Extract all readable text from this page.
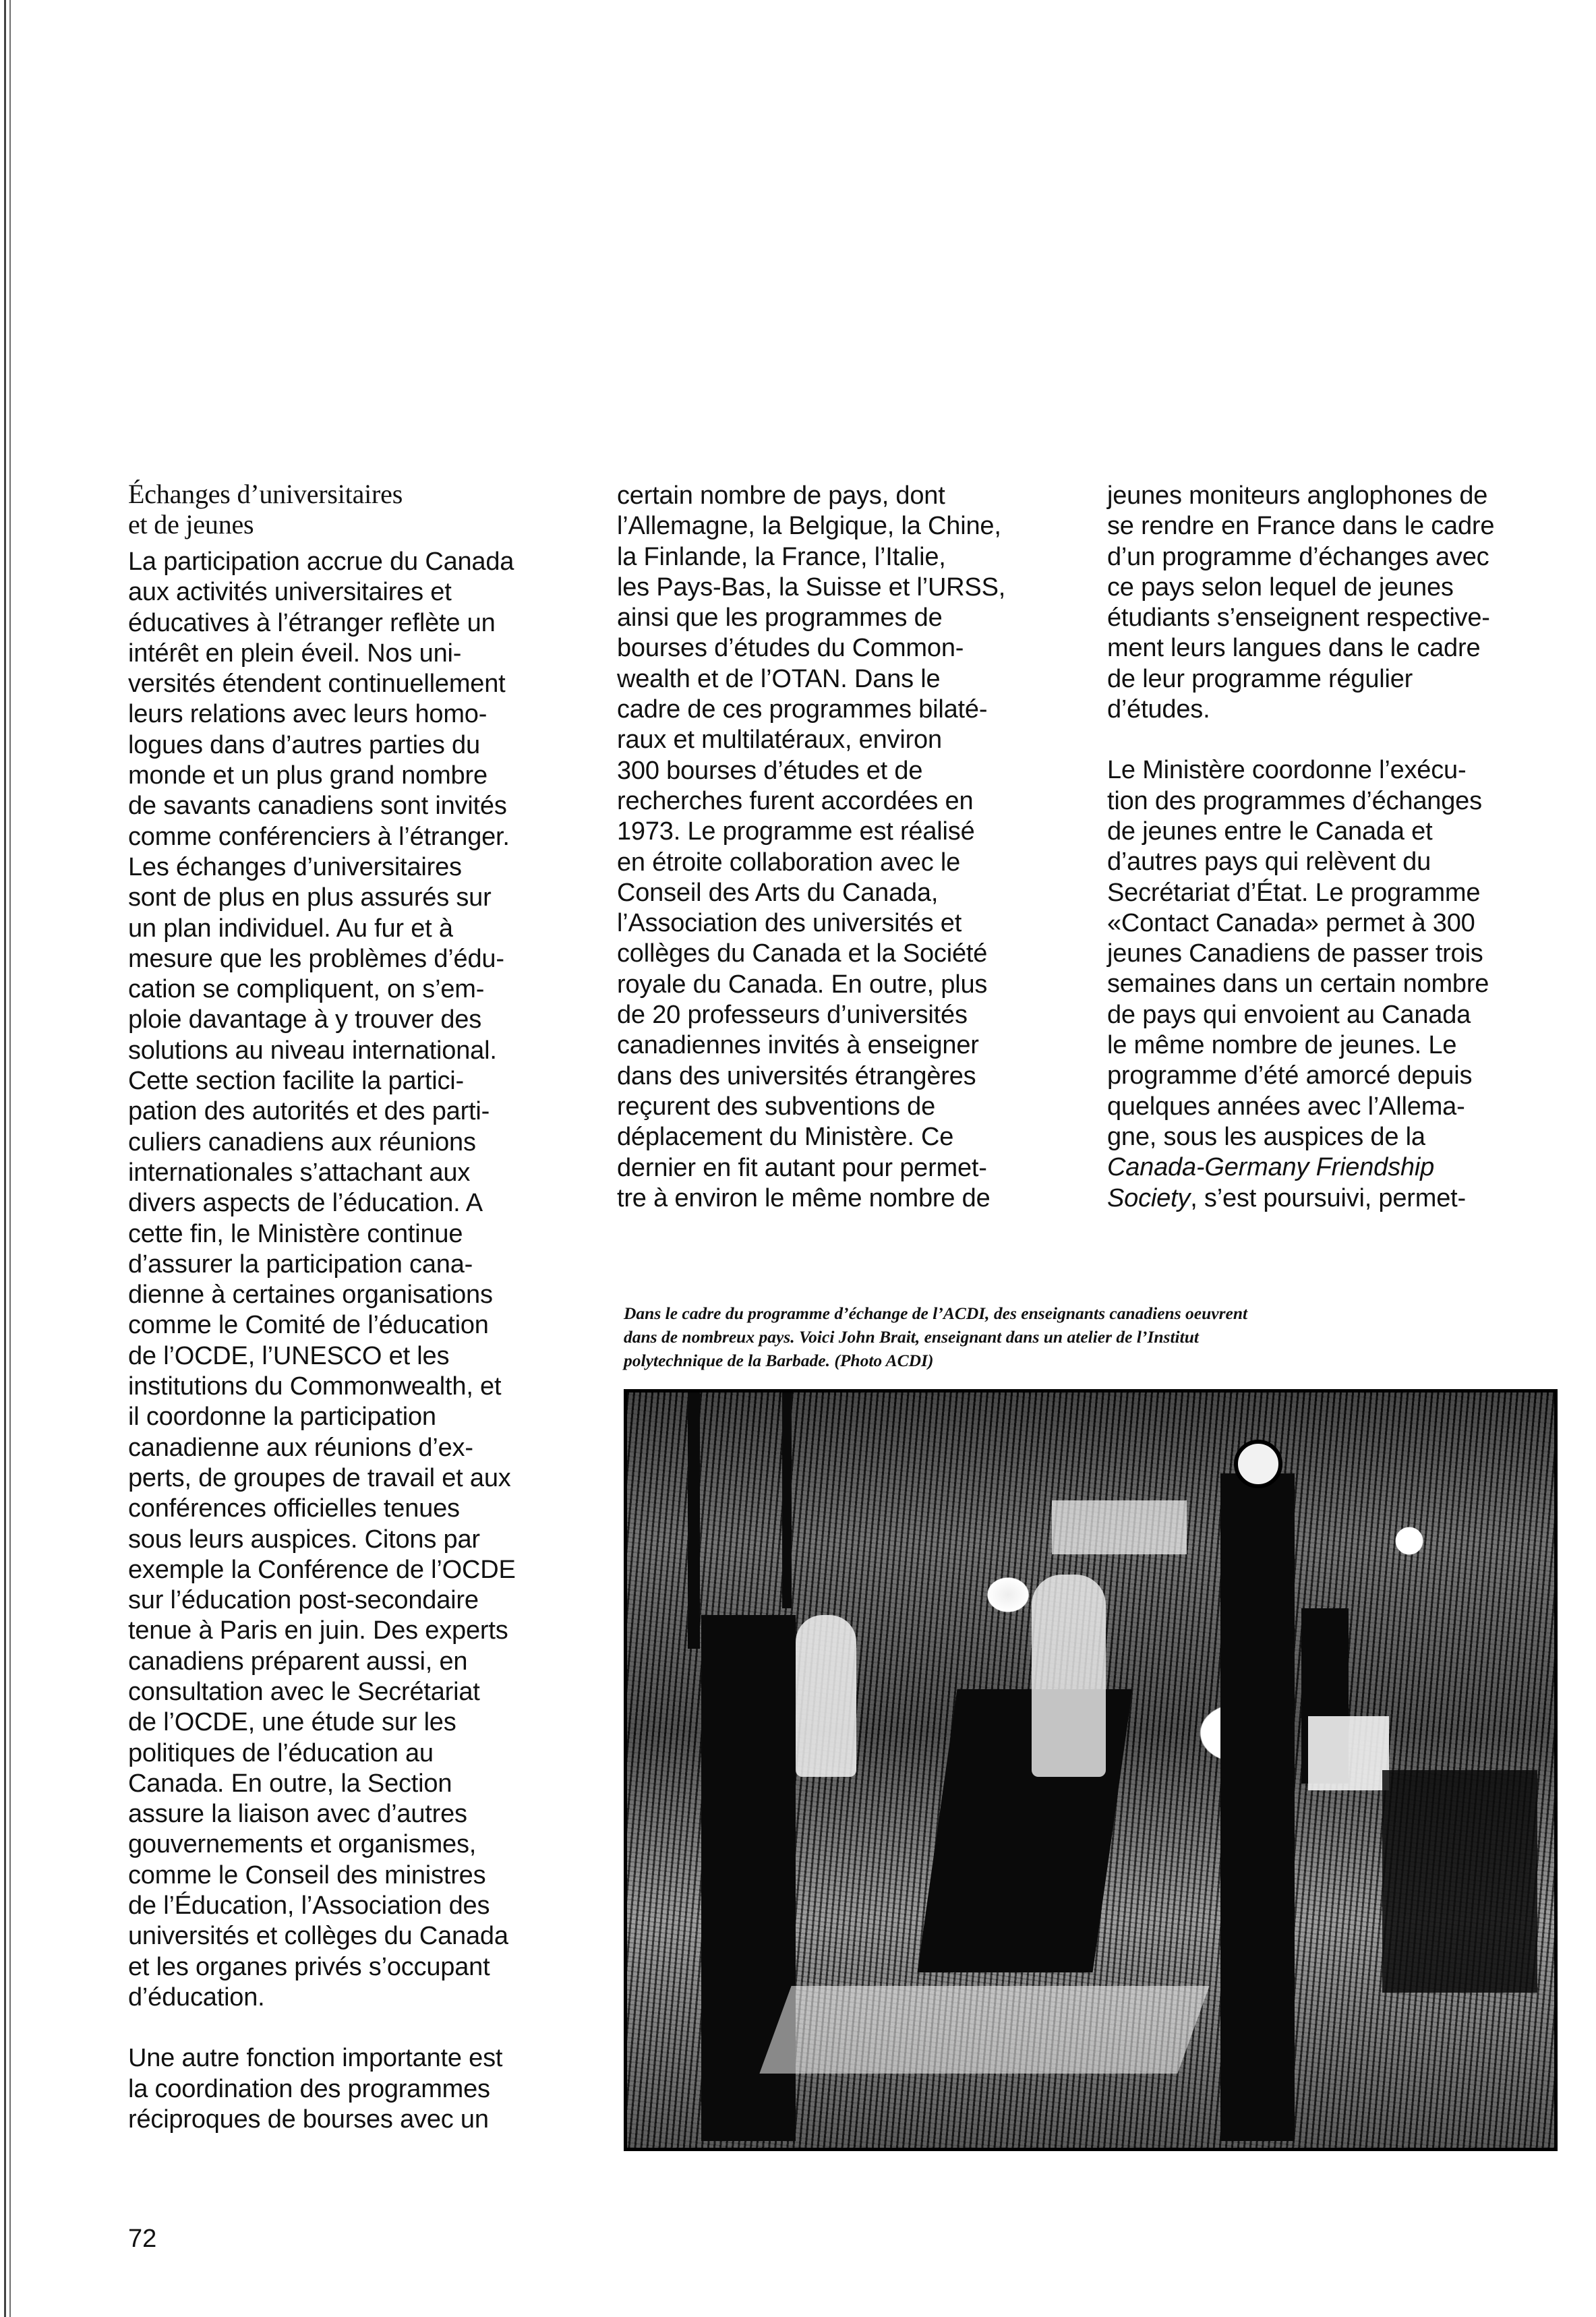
Échanges d’universitaires
et de jeunes
La participation accrue du Canada
aux activités universitaires et
éducatives à l’étranger reflète un
intérêt en plein éveil. Nos uni-
versités étendent continuellement
leurs relations avec leurs homo-
logues dans d’autres parties du
monde et un plus grand nombre
de savants canadiens sont invités
comme conférenciers à l’étranger.
Les échanges d’universitaires
sont de plus en plus assurés sur
un plan individuel. Au fur et à
mesure que les problèmes d’édu-
cation se compliquent, on s’em-
ploie davantage à y trouver des
solutions au niveau international.
Cette section facilite la partici-
pation des autorités et des parti-
culiers canadiens aux réunions
internationales s’attachant aux
divers aspects de l’éducation. A
cette fin, le Ministère continue
d’assurer la participation cana-
dienne à certaines organisations
comme le Comité de l’éducation
de l’OCDE, l’UNESCO et les
institutions du Commonwealth, et
il coordonne la participation
canadienne aux réunions d’ex-
perts, de groupes de travail et aux
conférences officielles tenues
sous leurs auspices. Citons par
exemple la Conférence de l’OCDE
sur l’éducation post-secondaire
tenue à Paris en juin. Des experts
canadiens préparent aussi, en
consultation avec le Secrétariat
de l’OCDE, une étude sur les
politiques de l’éducation au
Canada. En outre, la Section
assure la liaison avec d’autres
gouvernements et organismes,
comme le Conseil des ministres
de l’Éducation, l’Association des
universités et collèges du Canada
et les organes privés s’occupant
d’éducation.
Une autre fonction importante est
la coordination des programmes
réciproques de bourses avec un
certain nombre de pays, dont
l’Allemagne, la Belgique, la Chine,
la Finlande, la France, l’Italie,
les Pays-Bas, la Suisse et l’URSS,
ainsi que les programmes de
bourses d’études du Common-
wealth et de l’OTAN. Dans le
cadre de ces programmes bilaté-
raux et multilatéraux, environ
300 bourses d’études et de
recherches furent accordées en
1973. Le programme est réalisé
en étroite collaboration avec le
Conseil des Arts du Canada,
l’Association des universités et
collèges du Canada et la Société
royale du Canada. En outre, plus
de 20 professeurs d’universités
canadiennes invités à enseigner
dans des universités étrangères
reçurent des subventions de
déplacement du Ministère. Ce
dernier en fit autant pour permet-
tre à environ le même nombre de
jeunes moniteurs anglophones de
se rendre en France dans le cadre
d’un programme d’échanges avec
ce pays selon lequel de jeunes
étudiants s’enseignent respective-
ment leurs langues dans le cadre
de leur programme régulier
d’études.
Le Ministère coordonne l’exécu-
tion des programmes d’échanges
de jeunes entre le Canada et
d’autres pays qui relèvent du
Secrétariat d’État. Le programme
«Contact Canada» permet à 300
jeunes Canadiens de passer trois
semaines dans un certain nombre
de pays qui envoient au Canada
le même nombre de jeunes. Le
programme d’été amorcé depuis
quelques années avec l’Allema-
gne, sous les auspices de la
Canada-Germany Friendship
Society, s’est poursuivi, permet-
Dans le cadre du programme d’échange de l’ACDI, des enseignants canadiens oeuvrent
dans de nombreux pays. Voici John Brait, enseignant dans un atelier de l’Institut
polytechnique de la Barbade. (Photo ACDI)
72
